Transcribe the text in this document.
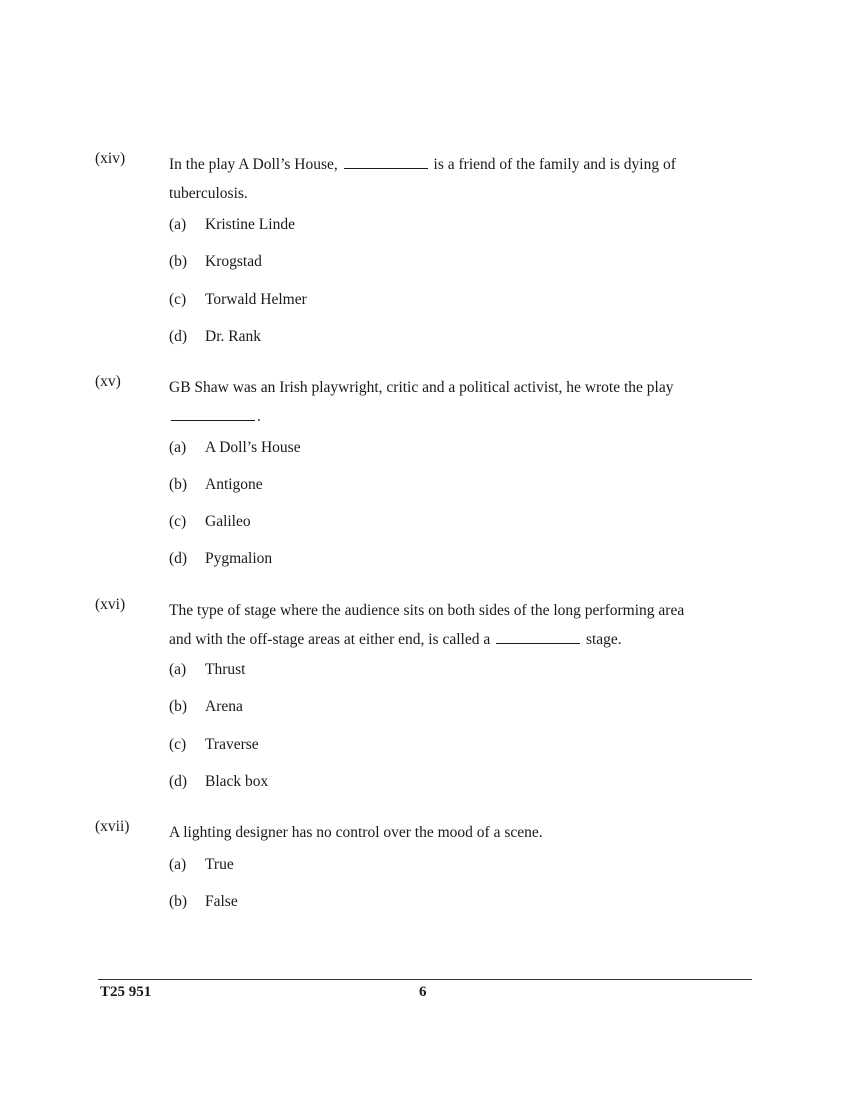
(xiv)	In the play A Doll’s House,	is a friend of the family and is dying of tuberculosis.
(a) Kristine Linde
(b) Krogstad
(c) Torwald Helmer
(d) Dr. Rank
(xv)	GB Shaw was an Irish playwright, critic and a political activist, he wrote the play .
(a) A Doll’s House
(b) Antigone
(c) Galileo
(d) Pygmalion
(xvi)	The type of stage where the audience sits on both sides of the long performing area and with the off-stage areas at either end, is called a	stage.
(a) Thrust
(b) Arena
(c) Traverse
(d) Black box
(xvii)	A lighting designer has no control over the mood of a scene.
(a) True
(b) False
T25 951	6
